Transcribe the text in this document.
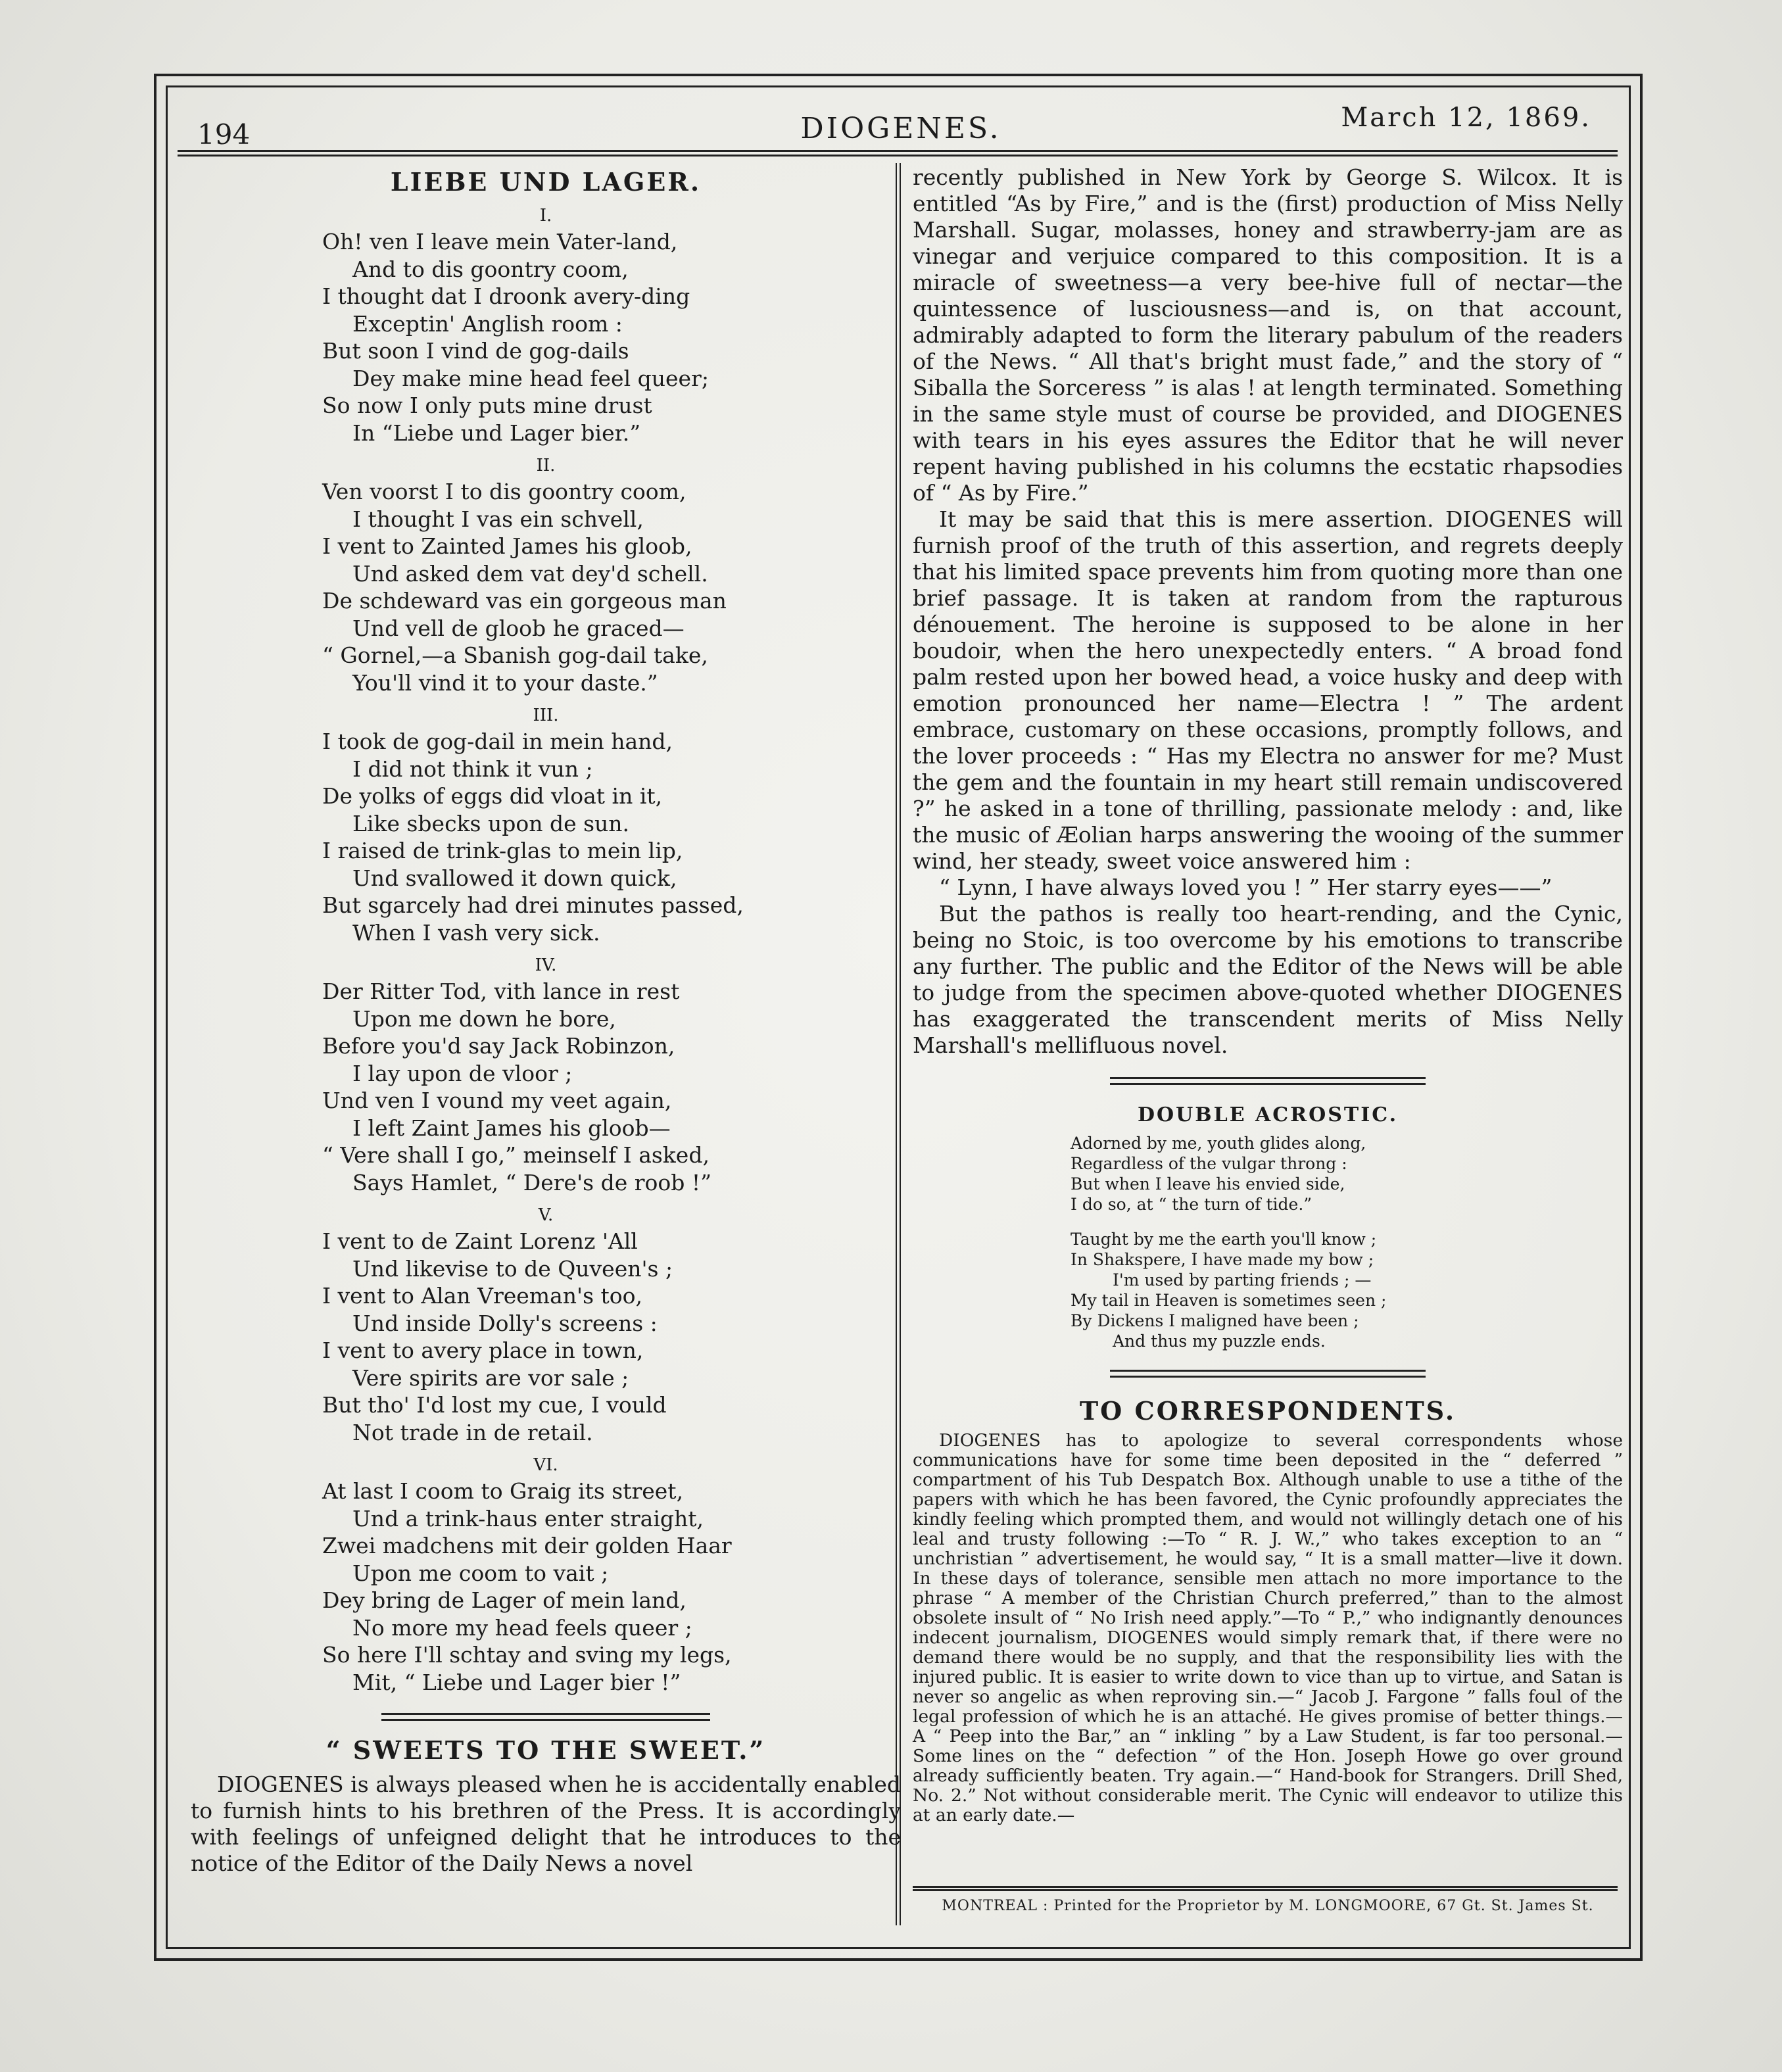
194	DIOGENES.	March 12, 1869.
LIEBE UND LAGER.
I.
Oh! ven I leave mein Vater-land,
And to dis goontry coom,
I thought dat I droonk avery-ding
Exceptin' Anglish room :
But soon I vind de gog-dails
Dey make mine head feel queer;
So now I only puts mine drust
In “Liebe und Lager bier.”
II.
Ven voorst I to dis goontry coom,
I thought I vas ein schvell,
I vent to Zainted James his gloob,
Und asked dem vat dey'd schell.
De schdeward vas ein gorgeous man
Und vell de gloob he graced—
“ Gornel,—a Sbanish gog-dail take,
You'll vind it to your daste.”
III.
I took de gog-dail in mein hand,
I did not think it vun ;
De yolks of eggs did vloat in it,
Like sbecks upon de sun.
I raised de trink-glas to mein lip,
Und svallowed it down quick,
But sgarcely had drei minutes passed,
When I vash very sick.
IV.
Der Ritter Tod, vith lance in rest
Upon me down he bore,
Before you'd say Jack Robinzon,
I lay upon de vloor ;
Und ven I vound my veet again,
I left Zaint James his gloob—
“ Vere shall I go,” meinself I asked,
Says Hamlet, “ Dere's de roob !”
V.
I vent to de Zaint Lorenz 'All
Und likevise to de Quveen's ;
I vent to Alan Vreeman's too,
Und inside Dolly's screens :
I vent to avery place in town,
Vere spirits are vor sale ;
But tho' I'd lost my cue, I vould
Not trade in de retail.
VI.
At last I coom to Graig its street,
Und a trink-haus enter straight,
Zwei madchens mit deir golden Haar
Upon me coom to vait ;
Dey bring de Lager of mein land,
No more my head feels queer ;
So here I'll schtay and sving my legs,
Mit, “ Liebe und Lager bier !”
“ SWEETS TO THE SWEET.”

DIOGENES is always pleased when he is accidentally enabled to furnish hints to his brethren of the Press. It is accordingly with feelings of unfeigned delight that he introduces to the notice of the Editor of the Daily News a novel

recently published in New York by George S. Wilcox. It is entitled “As by Fire,” and is the (first) production of Miss Nelly Marshall. Sugar, molasses, honey and strawberry-jam are as vinegar and verjuice compared to this composition. It is a miracle of sweetness—a very bee-hive full of nectar—the quintessence of lusciousness—and is, on that account, admirably adapted to form the literary pabulum of the readers of the News. “ All that's bright must fade,” and the story of “ Siballa the Sorceress ” is alas ! at length terminated. Something in the same style must of course be provided, and DIOGENES with tears in his eyes assures the Editor that he will never repent having published in his columns the ecstatic rhapsodies of “ As by Fire.”

It may be said that this is mere assertion. DIOGENES will furnish proof of the truth of this assertion, and regrets deeply that his limited space prevents him from quoting more than one brief passage. It is taken at random from the rapturous dénouement. The heroine is supposed to be alone in her boudoir, when the hero unexpectedly enters. “ A broad fond palm rested upon her bowed head, a voice husky and deep with emotion pronounced her name—Electra ! ” The ardent embrace, customary on these occasions, promptly follows, and the lover proceeds : “ Has my Electra no answer for me? Must the gem and the fountain in my heart still remain undiscovered ?” he asked in a tone of thrilling, passionate melody : and, like the music of Æolian harps answering the wooing of the summer wind, her steady, sweet voice answered him :

“ Lynn, I have always loved you ! ” Her starry eyes——”

But the pathos is really too heart-rending, and the Cynic, being no Stoic, is too overcome by his emotions to transcribe any further. The public and the Editor of the News will be able to judge from the specimen above-quoted whether DIOGENES has exaggerated the transcendent merits of Miss Nelly Marshall's mellifluous novel.

DOUBLE ACROSTIC.
Adorned by me, youth glides along,
Regardless of the vulgar throng :
But when I leave his envied side,
I do so, at “ the turn of tide.”
Taught by me the earth you'll know ;
In Shakspere, I have made my bow ;
I'm used by parting friends ; —
My tail in Heaven is sometimes seen ;
By Dickens I maligned have been ;
And thus my puzzle ends.
TO CORRESPONDENTS.

DIOGENES has to apologize to several correspondents whose communications have for some time been deposited in the “ deferred ” compartment of his Tub Despatch Box. Although unable to use a tithe of the papers with which he has been favored, the Cynic profoundly appreciates the kindly feeling which prompted them, and would not willingly detach one of his leal and trusty following :—To “ R. J. W.,” who takes exception to an “ unchristian ” advertisement, he would say, “ It is a small matter—live it down. In these days of tolerance, sensible men attach no more importance to the phrase “ A member of the Christian Church preferred,” than to the almost obsolete insult of “ No Irish need apply.”—To “ P.,” who indignantly denounces indecent journalism, DIOGENES would simply remark that, if there were no demand there would be no supply, and that the responsibility lies with the injured public. It is easier to write down to vice than up to virtue, and Satan is never so angelic as when reproving sin.—“ Jacob J. Fargone ” falls foul of the legal profession of which he is an attaché. He gives promise of better things.—A “ Peep into the Bar,” an “ inkling ” by a Law Student, is far too personal.—Some lines on the “ defection ” of the Hon. Joseph Howe go over ground already sufficiently beaten. Try again.—“ Hand-book for Strangers. Drill Shed, No. 2.” Not without considerable merit. The Cynic will endeavor to utilize this at an early date.—

MONTREAL : Printed for the Proprietor by M. LONGMOORE, 67 Gt. St. James St.
